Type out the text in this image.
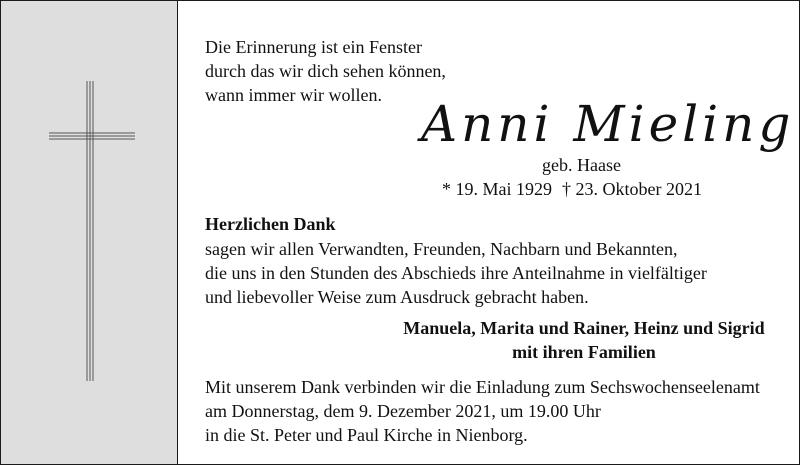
Die Erinnerung ist ein Fenster
durch das wir dich sehen können,
wann immer wir wollen. Anni Mieling
geb. Haase
* 19. Mai 1929 † 23. Oktober 2021
Herzlichen Dank
sagen wir allen Verwandten, Freunden, Nachbarn und Bekannten,
die uns in den Stunden des Abschieds ihre Anteilnahme in vielfältiger
und liebevoller Weise zum Ausdruck gebracht haben.
Manuela, Marita und Rainer, Heinz und Sigrid
mit ihren Familien
Mit unserem Dank verbinden wir die Einladung zum Sechswochenseelenamt
am Donnerstag, dem 9. Dezember 2021, um 19.00 Uhr
in die St. Peter und Paul Kirche in Nienborg.
